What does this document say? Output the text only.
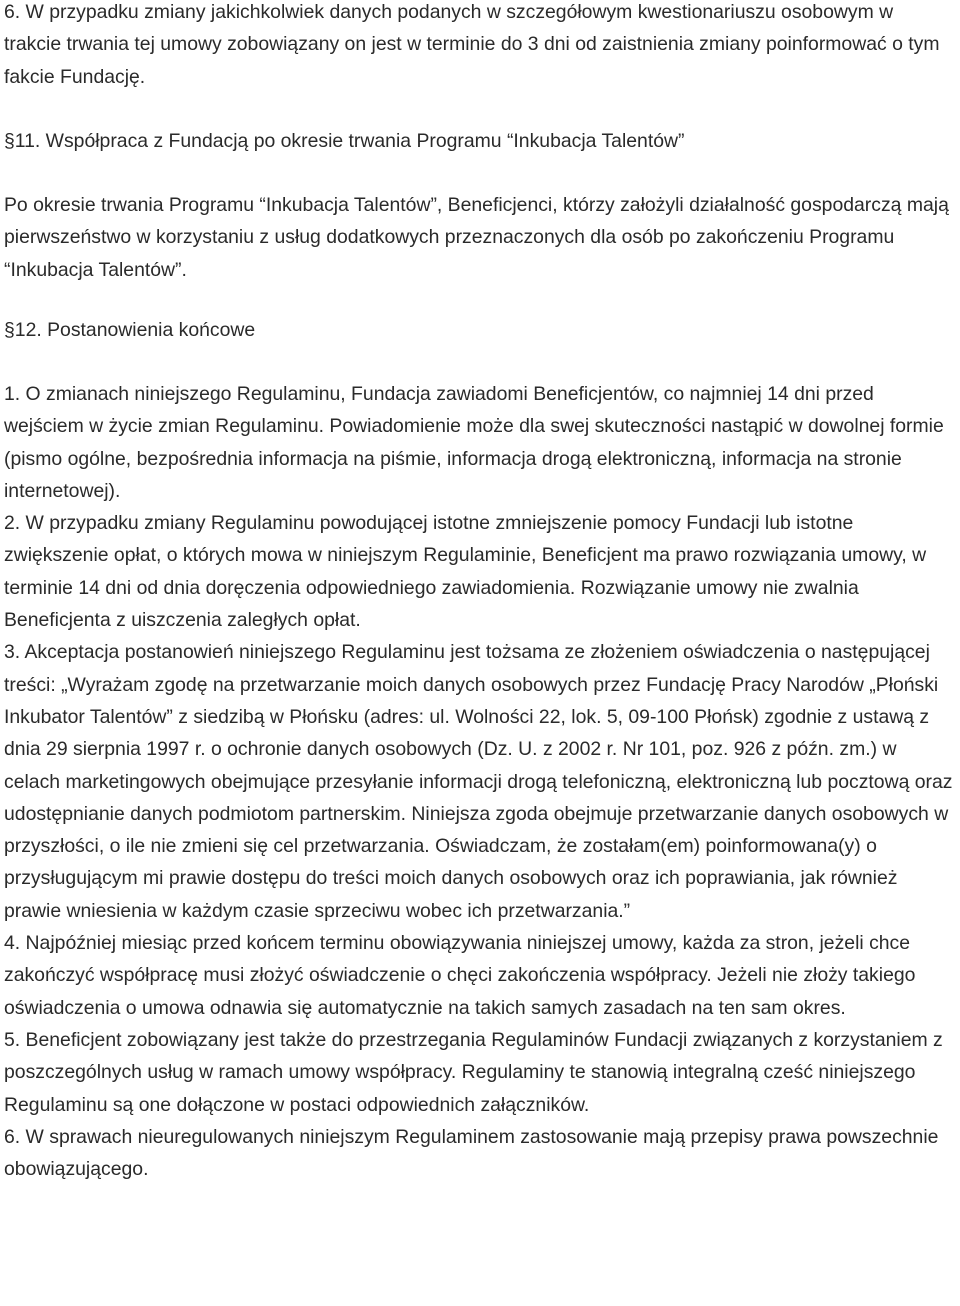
6. W przypadku zmiany jakichkolwiek danych podanych w szczegółowym kwestionariuszu osobowym w trakcie trwania tej umowy zobowiązany on jest w terminie do 3 dni od zaistnienia zmiany poinformować o tym fakcie Fundację.

§11. Współpraca z Fundacją po okresie trwania Programu “Inkubacja Talentów”

Po okresie trwania Programu “Inkubacja Talentów”, Beneficjenci, którzy założyli działalność gospodarczą mają pierwszeństwo w korzystaniu z usług dodatkowych przeznaczonych dla osób po zakończeniu Programu “Inkubacja Talentów”.

§12. Postanowienia końcowe

1. O zmianach niniejszego Regulaminu, Fundacja zawiadomi Beneficjentów, co najmniej 14 dni przed wejściem w życie zmian Regulaminu. Powiadomienie może dla swej skuteczności nastąpić w dowolnej formie (pismo ogólne, bezpośrednia informacja na piśmie, informacja drogą elektroniczną, informacja na stronie internetowej).

2. W przypadku zmiany Regulaminu powodującej istotne zmniejszenie pomocy Fundacji lub istotne zwiększenie opłat, o których mowa w niniejszym Regulaminie, Beneficjent ma prawo rozwiązania umowy, w terminie 14 dni od dnia doręczenia odpowiedniego zawiadomienia. Rozwiązanie umowy nie zwalnia Beneficjenta z uiszczenia zaległych opłat.

3. Akceptacja postanowień niniejszego Regulaminu jest tożsama ze złożeniem oświadczenia o następującej treści: „Wyrażam zgodę na przetwarzanie moich danych osobowych przez Fundację Pracy Narodów „Płoński Inkubator Talentów” z siedzibą w Płońsku (adres: ul. Wolności 22, lok. 5, 09-100 Płońsk) zgodnie z ustawą z dnia 29 sierpnia 1997 r. o ochronie danych osobowych (Dz. U. z 2002 r. Nr 101, poz. 926 z późn. zm.) w celach marketingowych obejmujące przesyłanie informacji drogą telefoniczną, elektroniczną lub pocztową oraz udostępnianie danych podmiotom partnerskim. Niniejsza zgoda obejmuje przetwarzanie danych osobowych w przyszłości, o ile nie zmieni się cel przetwarzania. Oświadczam, że zostałam(em) poinformowana(y) o przysługującym mi prawie dostępu do treści moich danych osobowych oraz ich poprawiania, jak również prawie wniesienia w każdym czasie sprzeciwu wobec ich przetwarzania.”

4. Najpóźniej miesiąc przed końcem terminu obowiązywania niniejszej umowy, każda za stron, jeżeli chce zakończyć współpracę musi złożyć oświadczenie o chęci zakończenia współpracy. Jeżeli nie złoży takiego oświadczenia o umowa odnawia się automatycznie na takich samych zasadach na ten sam okres.

5. Beneficjent zobowiązany jest także do przestrzegania Regulaminów Fundacji związanych z korzystaniem z poszczególnych usług w ramach umowy współpracy. Regulaminy te stanowią integralną cześć niniejszego Regulaminu są one dołączone w postaci odpowiednich załączników.

6. W sprawach nieuregulowanych niniejszym Regulaminem zastosowanie mają przepisy prawa powszechnie obowiązującego.
